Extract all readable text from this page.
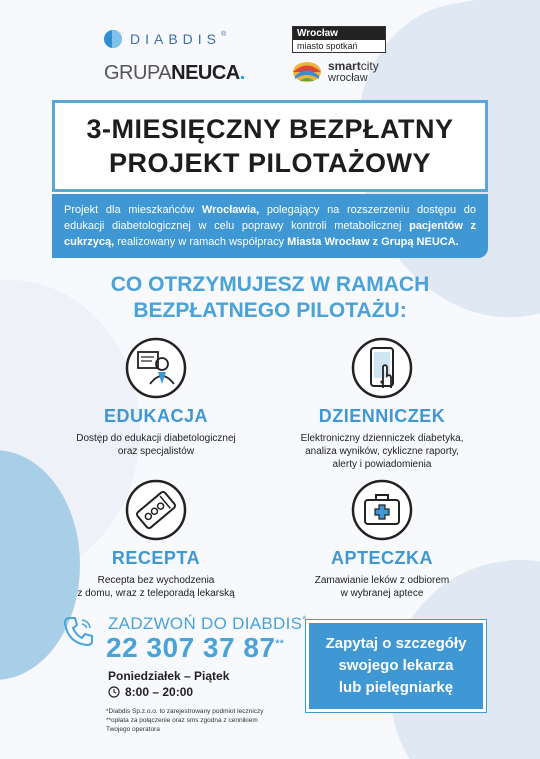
DIABDIS®
GRUPANEUCA.
Wrocław
miasto spotkań
smartcity
wrocław
3-MIESIĘCZNY BEZPŁATNY
PROJEKT PILOTAŻOWY
Projekt dla mieszkańców Wrocławia, polegający na rozszerzeniu dostępu do edukacji diabetologicznej w celu poprawy kontroli metabolicznej pacjentów z cukrzycą, realizowany w ramach współpracy Miasta Wrocław z Grupą NEUCA.
CO OTRZYMUJESZ W RAMACH
BEZPŁATNEGO PILOTAŻU:
EDUKACJA
Dostęp do edukacji diabetologicznej
oraz specjalistów
DZIENNICZEK
Elektroniczny dzienniczek diabetyka,
analiza wyników, cykliczne raporty,
alerty i powiadomienia
RECEPTA
Recepta bez wychodzenia
z domu, wraz z teleporadą lekarską
APTECZKA
Zamawianie leków z odbiorem
w wybranej aptece
ZADZWOŃ DO DIABDIS*
22 307 37 87**
Poniedziałek – Piątek
8:00 – 20:00
*Diabdis Sp.z.o.o. to zarejestrowany podmiot leczniczy
**opłata za połączenie oraz sms zgodna z cennikiem
Twojego operatora
Zapytaj o szczegóły
swojego lekarza
lub pielęgniarkę
